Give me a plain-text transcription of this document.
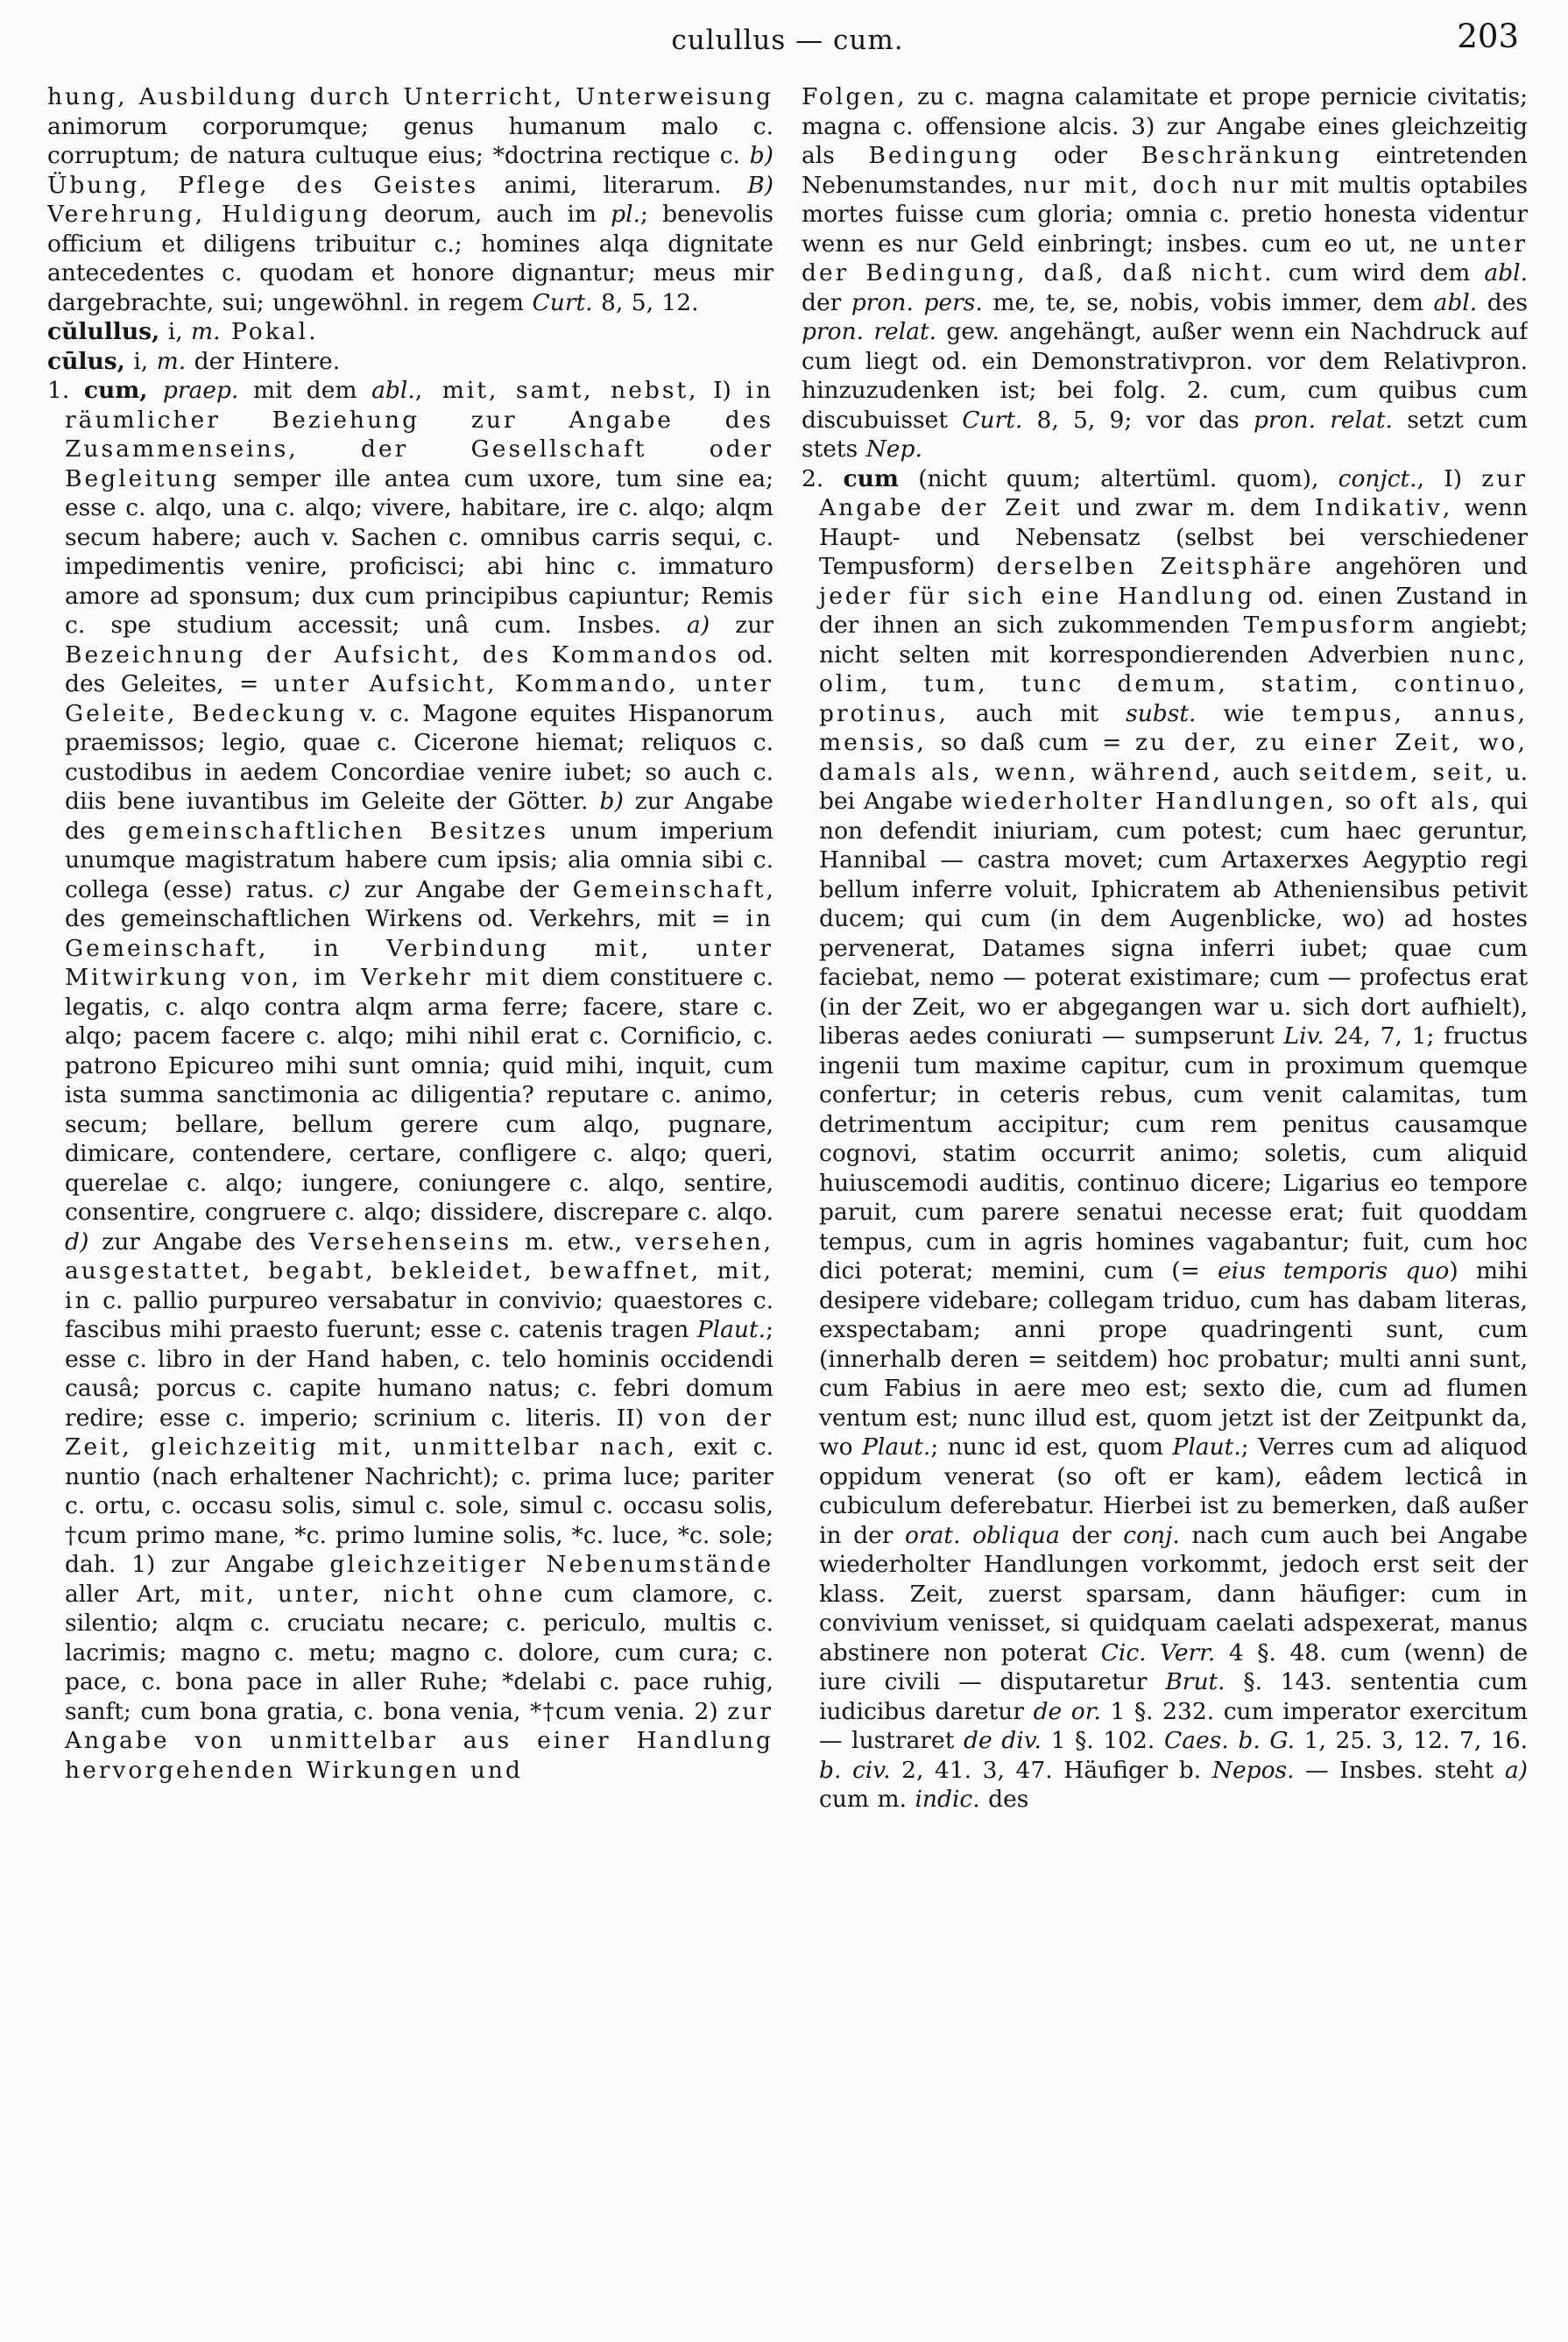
culullus — cum.	203

hung, Ausbildung durch Unterricht, Unterweisung animorum corporumque; genus humanum malo c. corruptum; de natura cultuque eius; *doctrina rectique c. b) Übung, Pflege des Geistes animi, literarum. B) Verehrung, Huldigung deorum, auch im pl.; benevolis officium et diligens tribuitur c.; homines alqa dignitate antecedentes c. quodam et honore dignantur; meus mir dargebrachte, sui; ungewöhnl. in regem Curt. 8, 5, 12.

cŭlullus, i, m. Pokal.

cūlus, i, m. der Hintere.

1. cum, praep. mit dem abl., mit, samt, nebst, I) in räumlicher Beziehung zur Angabe des Zusammenseins, der Gesellschaft oder Begleitung semper ille antea cum uxore, tum sine ea; esse c. alqo, una c. alqo; vivere, habitare, ire c. alqo; alqm secum habere; auch v. Sachen c. omnibus carris sequi, c. impedimentis venire, proficisci; abi hinc c. immaturo amore ad sponsum; dux cum principibus capiuntur; Remis c. spe studium accessit; unâ cum. Insbes. a) zur Bezeichnung der Aufsicht, des Kommandos od. des Geleites, = unter Aufsicht, Kommando, unter Geleite, Bedeckung v. c. Magone equites Hispanorum praemissos; legio, quae c. Cicerone hiemat; reliquos c. custodibus in aedem Concordiae venire iubet; so auch c. diis bene iuvantibus im Geleite der Götter. b) zur Angabe des gemeinschaftlichen Besitzes unum imperium unumque magistratum habere cum ipsis; alia omnia sibi c. collega (esse) ratus. c) zur Angabe der Gemeinschaft, des gemeinschaftlichen Wirkens od. Verkehrs, mit = in Gemeinschaft, in Verbindung mit, unter Mitwirkung von, im Verkehr mit diem constituere c. legatis, c. alqo contra alqm arma ferre; facere, stare c. alqo; pacem facere c. alqo; mihi nihil erat c. Cornificio, c. patrono Epicureo mihi sunt omnia; quid mihi, inquit, cum ista summa sanctimonia ac diligentia? reputare c. animo, secum; bellare, bellum gerere cum alqo, pugnare, dimicare, contendere, certare, confligere c. alqo; queri, querelae c. alqo; iungere, coniungere c. alqo, sentire, consentire, congruere c. alqo; dissidere, discrepare c. alqo. d) zur Angabe des Versehenseins m. etw., versehen, ausgestattet, begabt, bekleidet, bewaffnet, mit, in c. pallio purpureo versabatur in convivio; quaestores c. fascibus mihi praesto fuerunt; esse c. catenis tragen Plaut.; esse c. libro in der Hand haben, c. telo hominis occidendi causâ; porcus c. capite humano natus; c. febri domum redire; esse c. imperio; scrinium c. literis. II) von der Zeit, gleichzeitig mit, unmittelbar nach, exit c. nuntio (nach erhaltener Nachricht); c. prima luce; pariter c. ortu, c. occasu solis, simul c. sole, simul c. occasu solis, †cum primo mane, *c. primo lumine solis, *c. luce, *c. sole; dah. 1) zur Angabe gleichzeitiger Nebenumstände aller Art, mit, unter, nicht ohne cum clamore, c. silentio; alqm c. cruciatu necare; c. periculo, multis c. lacrimis; magno c. metu; magno c. dolore, cum cura; c. pace, c. bona pace in aller Ruhe; *delabi c. pace ruhig, sanft; cum bona gratia, c. bona venia, *†cum venia. 2) zur Angabe von unmittelbar aus einer Handlung hervorgehenden Wirkungen und

Folgen, zu c. magna calamitate et prope pernicie civitatis; magna c. offensione alcis. 3) zur Angabe eines gleichzeitig als Bedingung oder Beschränkung eintretenden Nebenumstandes, nur mit, doch nur mit multis optabiles mortes fuisse cum gloria; omnia c. pretio honesta videntur wenn es nur Geld einbringt; insbes. cum eo ut, ne unter der Bedingung, daß, daß nicht. cum wird dem abl. der pron. pers. me, te, se, nobis, vobis immer, dem abl. des pron. relat. gew. angehängt, außer wenn ein Nachdruck auf cum liegt od. ein Demonstrativpron. vor dem Relativpron. hinzuzudenken ist; bei folg. 2. cum, cum quibus cum discubuisset Curt. 8, 5, 9; vor das pron. relat. setzt cum stets Nep.

2. cum (nicht quum; altertüml. quom), conjct., I) zur Angabe der Zeit und zwar m. dem Indikativ, wenn Haupt- und Nebensatz (selbst bei verschiedener Tempusform) derselben Zeitsphäre angehören und jeder für sich eine Handlung od. einen Zustand in der ihnen an sich zukommenden Tempusform angiebt; nicht selten mit korrespondierenden Adverbien nunc, olim, tum, tunc demum, statim, continuo, protinus, auch mit subst. wie tempus, annus, mensis, so daß cum = zu der, zu einer Zeit, wo, damals als, wenn, während, auch seitdem, seit, u. bei Angabe wiederholter Handlungen, so oft als, qui non defendit iniuriam, cum potest; cum haec geruntur, Hannibal — castra movet; cum Artaxerxes Aegyptio regi bellum inferre voluit, Iphicratem ab Atheniensibus petivit ducem; qui cum (in dem Augenblicke, wo) ad hostes pervenerat, Datames signa inferri iubet; quae cum faciebat, nemo — poterat existimare; cum — profectus erat (in der Zeit, wo er abgegangen war u. sich dort aufhielt), liberas aedes coniurati — sumpserunt Liv. 24, 7, 1; fructus ingenii tum maxime capitur, cum in proximum quemque confertur; in ceteris rebus, cum venit calamitas, tum detrimentum accipitur; cum rem penitus causamque cognovi, statim occurrit animo; soletis, cum aliquid huiuscemodi auditis, continuo dicere; Ligarius eo tempore paruit, cum parere senatui necesse erat; fuit quoddam tempus, cum in agris homines vagabantur; fuit, cum hoc dici poterat; memini, cum (= eius temporis quo) mihi desipere videbare; collegam triduo, cum has dabam literas, exspectabam; anni prope quadringenti sunt, cum (innerhalb deren = seitdem) hoc probatur; multi anni sunt, cum Fabius in aere meo est; sexto die, cum ad flumen ventum est; nunc illud est, quom jetzt ist der Zeitpunkt da, wo Plaut.; nunc id est, quom Plaut.; Verres cum ad aliquod oppidum venerat (so oft er kam), eâdem lecticâ in cubiculum deferebatur. Hierbei ist zu bemerken, daß außer in der orat. obliqua der conj. nach cum auch bei Angabe wiederholter Handlungen vorkommt, jedoch erst seit der klass. Zeit, zuerst sparsam, dann häufiger: cum in convivium venisset, si quidquam caelati adspexerat, manus abstinere non poterat Cic. Verr. 4 §. 48. cum (wenn) de iure civili — disputaretur Brut. §. 143. sententia cum iudicibus daretur de or. 1 §. 232. cum imperator exercitum — lustraret de div. 1 §. 102. Caes. b. G. 1, 25. 3, 12. 7, 16. b. civ. 2, 41. 3, 47. Häufiger b. Nepos. — Insbes. steht a) cum m. indic. des
